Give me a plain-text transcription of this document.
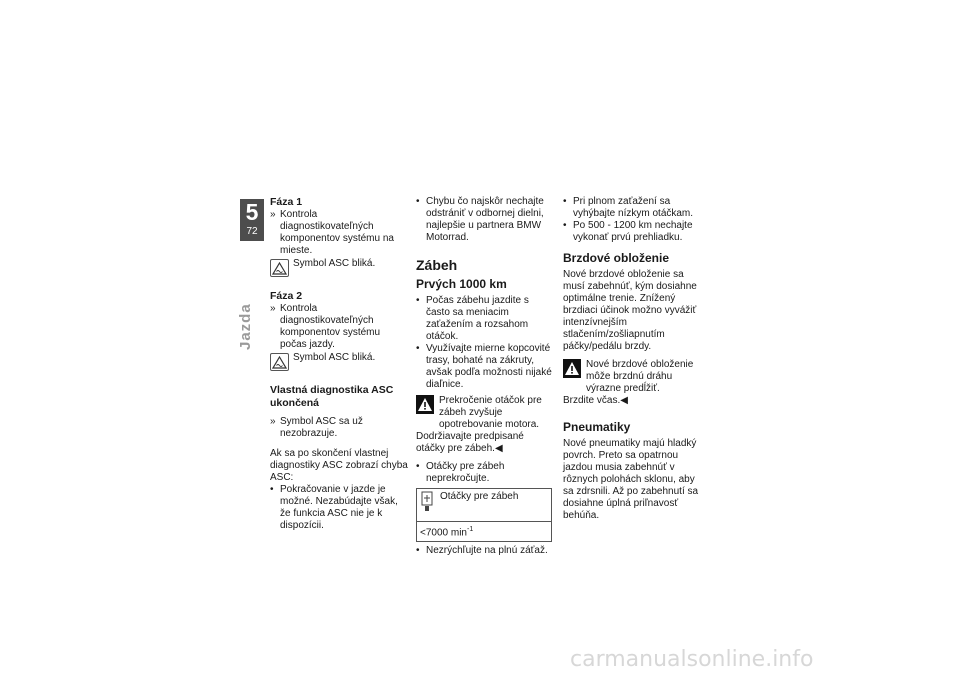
5
72
Jazda

Fáza 1

» Kontrola diagnostikovateľných komponentov systému na mieste.

Symbol ASC bliká.

Fáza 2

» Kontrola diagnostikovateľných komponentov systému počas jazdy.

Symbol ASC bliká.

Vlastná diagnostika ASC ukončená

» Symbol ASC sa už nezobrazuje.

Ak sa po skončení vlastnej diagnostiky ASC zobrazí chyba ASC:

• Pokračovanie v jazde je možné. Nezabúdajte však, že funkcia ASC nie je k dispozícii.
• Chybu čo najskôr nechajte odstrániť v odbornej dielni, najlepšie u partnera BMW Motorrad.

Zábeh

Prvých 1000 km

• Počas zábehu jazdite s často sa meniacim zaťažením a rozsahom otáčok.
• Využívajte mierne kopcovité trasy, bohaté na zákruty, avšak podľa možnosti nijaké diaľnice.

Prekročenie otáčok pre zábeh zvyšuje opotrebovanie motora.

Dodržiavajte predpisané otáčky pre zábeh.◀

• Otáčky pre zábeh neprekročujte.
Otáčky pre zábeh
<7000 $\min^{-1}$
• Nezrýchľujte na plnú záťaž.
• Pri plnom zaťažení sa vyhýbajte nízkym otáčkam.
• Po 500 - 1200 km nechajte vykonať prvú prehliadku.

Brzdové obloženie

Nové brzdové obloženie sa musí zabehnúť, kým dosiahne optimálne trenie. Znížený brzdiaci účinok možno vyvážiť intenzívnejším stlačením/zošliapnutím páčky/pedálu brzdy.

Nové brzdové obloženie môže brzdnú dráhu výrazne predĺžiť.

Brzdite včas.◀

Pneumatiky

Nové pneumatiky majú hladký povrch. Preto sa opatrnou jazdou musia zabehnúť v rôznych polohách sklonu, aby sa zdrsnili. Až po zabehnutí sa dosiahne úplná priľnavosť behúňa.

carmanualsonline.info
